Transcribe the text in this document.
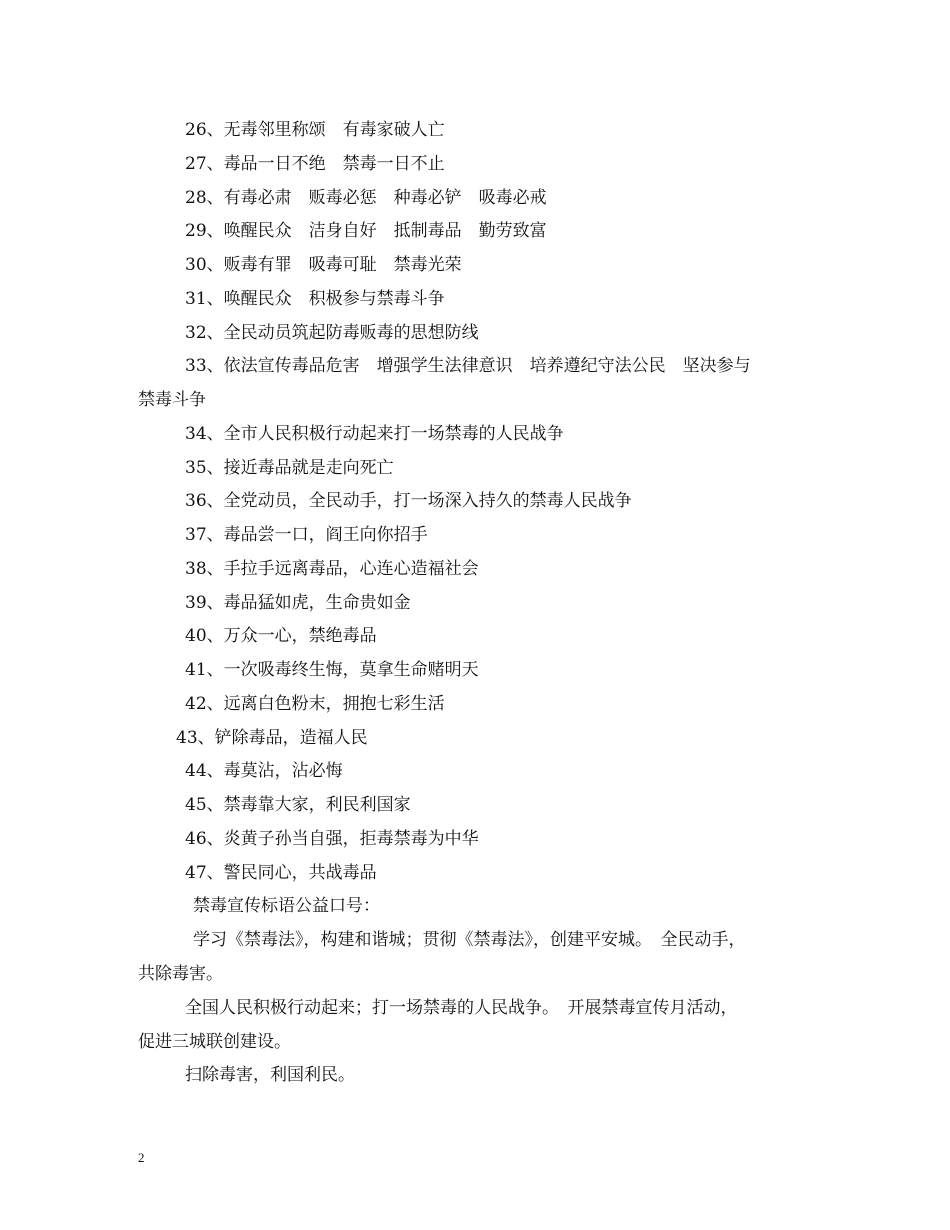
26、无毒邻里称颂　有毒家破人亡
27、毒品一日不绝　禁毒一日不止
28、有毒必肃　贩毒必惩　种毒必铲　吸毒必戒
29、唤醒民众　洁身自好　抵制毒品　勤劳致富
30、贩毒有罪　吸毒可耻　禁毒光荣
31、唤醒民众　积极参与禁毒斗争
32、全民动员筑起防毒贩毒的思想防线
33、依法宣传毒品危害　增强学生法律意识　培养遵纪守法公民　坚决参与
禁毒斗争
34、全市人民积极行动起来打一场禁毒的人民战争
35、接近毒品就是走向死亡
36、全党动员，全民动手，打一场深入持久的禁毒人民战争
37、毒品尝一口，阎王向你招手
38、手拉手远离毒品，心连心造福社会
39、毒品猛如虎，生命贵如金
40、万众一心，禁绝毒品
41、一次吸毒终生悔，莫拿生命赌明天
42、远离白色粉末，拥抱七彩生活
43、铲除毒品，造福人民
44、毒莫沾，沾必悔
45、禁毒靠大家，利民利国家
46、炎黄子孙当自强，拒毒禁毒为中华
47、警民同心，共战毒品
禁毒宣传标语公益口号：
学习《禁毒法》，构建和谐城；贯彻《禁毒法》，创建平安城。　全民动手，
共除毒害。
全国人民积极行动起来；打一场禁毒的人民战争。　开展禁毒宣传月活动，
促进三城联创建设。
扫除毒害，利国利民。
2
